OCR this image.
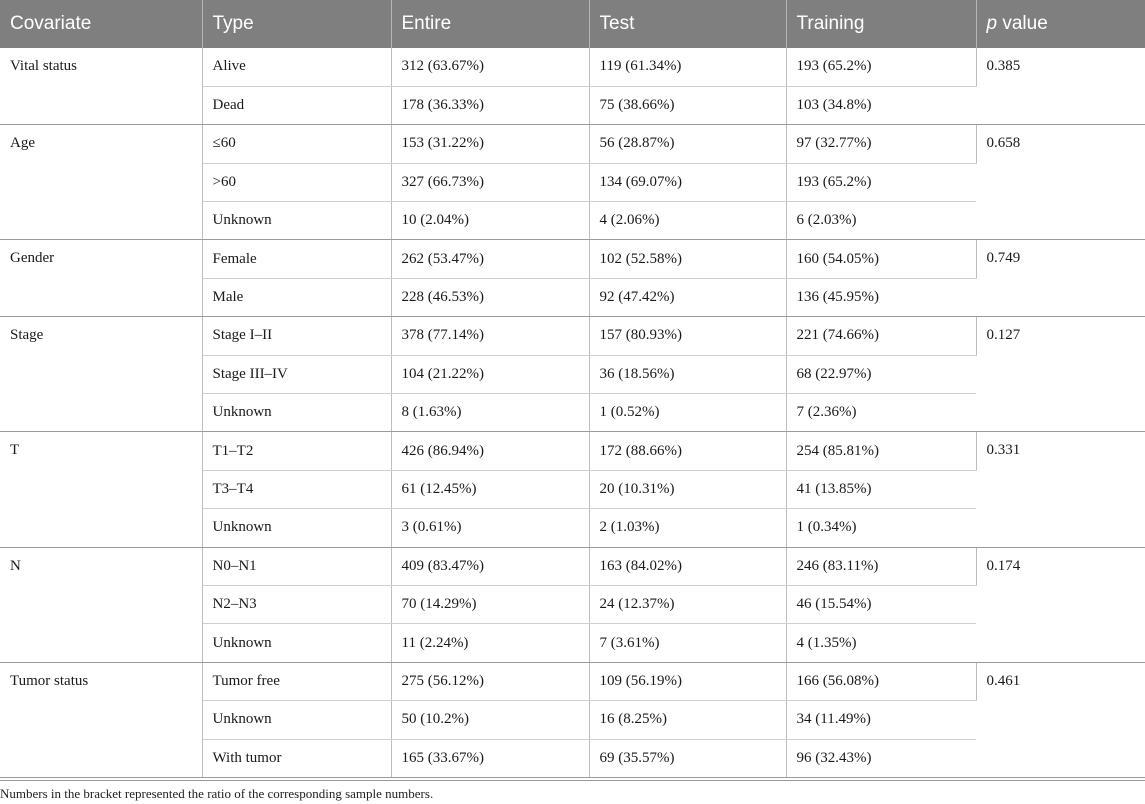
Covariate	Type	Entire	Test	Training	p value
Vital status	Alive	312 (63.67%)	119 (61.34%)	193 (65.2%)	0.385
	Dead	178 (36.33%)	75 (38.66%)	103 (34.8%)	
Age	≤60	153 (31.22%)	56 (28.87%)	97 (32.77%)	0.658
	>60	327 (66.73%)	134 (69.07%)	193 (65.2%)	
	Unknown	10 (2.04%)	4 (2.06%)	6 (2.03%)	
Gender	Female	262 (53.47%)	102 (52.58%)	160 (54.05%)	0.749
	Male	228 (46.53%)	92 (47.42%)	136 (45.95%)	
Stage	Stage I–II	378 (77.14%)	157 (80.93%)	221 (74.66%)	0.127
	Stage III–IV	104 (21.22%)	36 (18.56%)	68 (22.97%)	
	Unknown	8 (1.63%)	1 (0.52%)	7 (2.36%)	
T	T1–T2	426 (86.94%)	172 (88.66%)	254 (85.81%)	0.331
	T3–T4	61 (12.45%)	20 (10.31%)	41 (13.85%)	
	Unknown	3 (0.61%)	2 (1.03%)	1 (0.34%)	
N	N0–N1	409 (83.47%)	163 (84.02%)	246 (83.11%)	0.174
	N2–N3	70 (14.29%)	24 (12.37%)	46 (15.54%)	
	Unknown	11 (2.24%)	7 (3.61%)	4 (1.35%)	
Tumor status	Tumor free	275 (56.12%)	109 (56.19%)	166 (56.08%)	0.461
	Unknown	50 (10.2%)	16 (8.25%)	34 (11.49%)	
	With tumor	165 (33.67%)	69 (35.57%)	96 (32.43%)	
Numbers in the bracket represented the ratio of the corresponding sample numbers.
